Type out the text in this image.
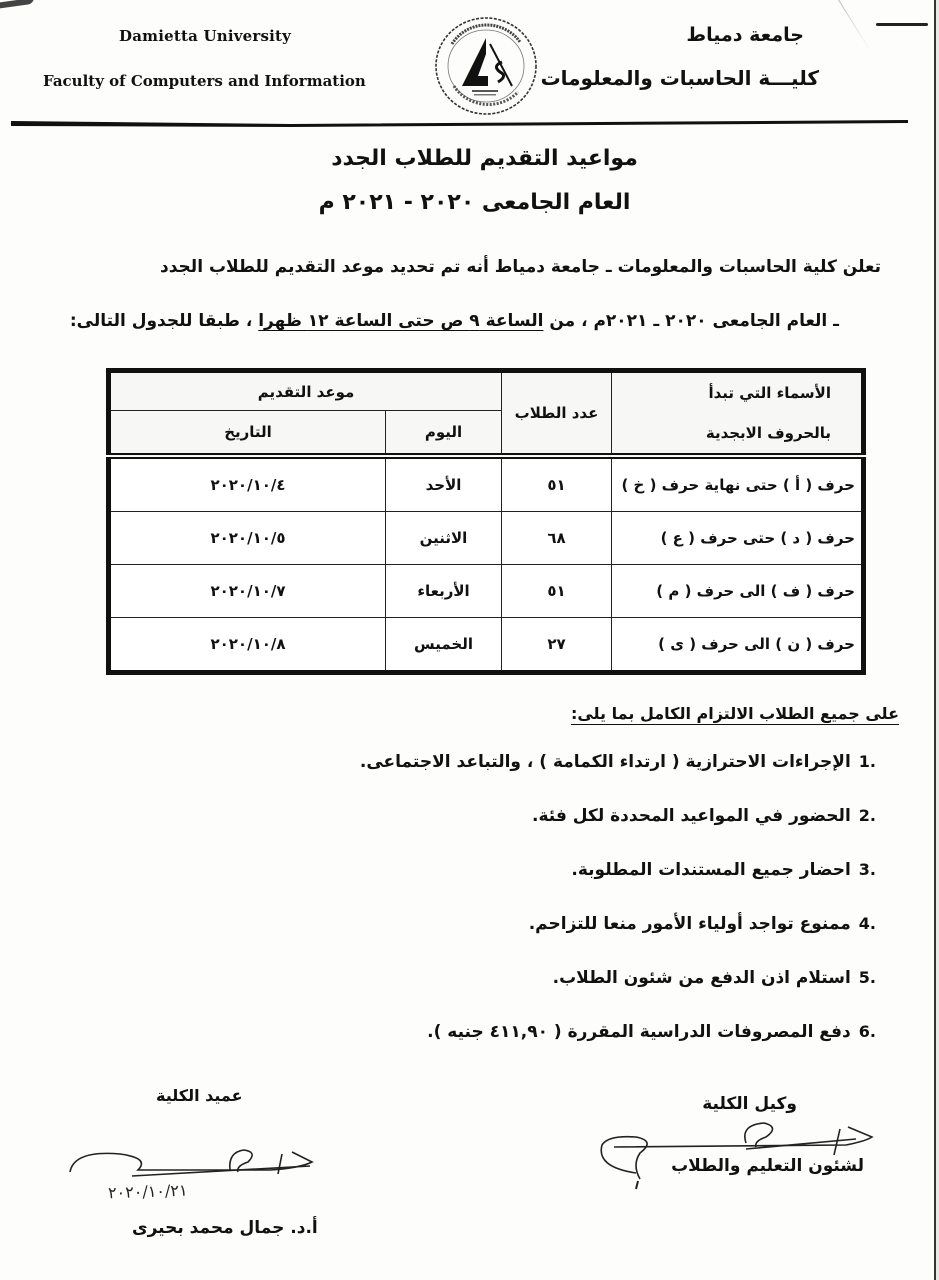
Damietta University
Faculty of Computers and Information
جامعة دمياط
كليـــة الحاسبات والمعلومات
مواعيد التقديم للطلاب الجدد
العام الجامعى ٢٠٢٠ - ٢٠٢١ م

تعلن كلية الحاسبات والمعلومات ـ جامعة دمياط أنه تم تحديد موعد التقديم للطلاب الجدد

ـ العام الجامعى ٢٠٢٠ ـ ٢٠٢١م ، من الساعة ٩ ص حتى الساعة ١٢ ظهرا ، طبقا للجدول التالى:

الأسماء التي تبدأ
بالحروف الابجدية	عدد الطلاب	موعد التقديم	
		اليوم	التاريخ
حرف ( أ ) حتى نهاية حرف ( خ )	٥١	الأحد	٢٠٢٠/١٠/٤
حرف ( د ) حتى حرف ( ع )	٦٨	الاثنين	٢٠٢٠/١٠/٥
حرف ( ف ) الى حرف ( م )	٥١	الأربعاء	٢٠٢٠/١٠/٧
حرف ( ن ) الى حرف ( ى )	٢٧	الخميس	٢٠٢٠/١٠/٨

على جميع الطلاب الالتزام الكامل بما يلى:

1.
الإجراءات الاحترازية ( ارتداء الكمامة ) ، والتباعد الاجتماعى.
2.
الحضور في المواعيد المحددة لكل فئة.
3.
احضار جميع المستندات المطلوبة.
4.
ممنوع تواجد أولياء الأمور منعا للتزاحم.
5.
استلام اذن الدفع من شئون الطلاب.
6.
دفع المصروفات الدراسية المقررة ( ٤١١,٩٠ جنيه ).
عميد الكلية
٢٠٢٠/١٠/٢١
أ.د. جمال محمد بحيرى
وكيل الكلية
لشئون التعليم والطلاب
